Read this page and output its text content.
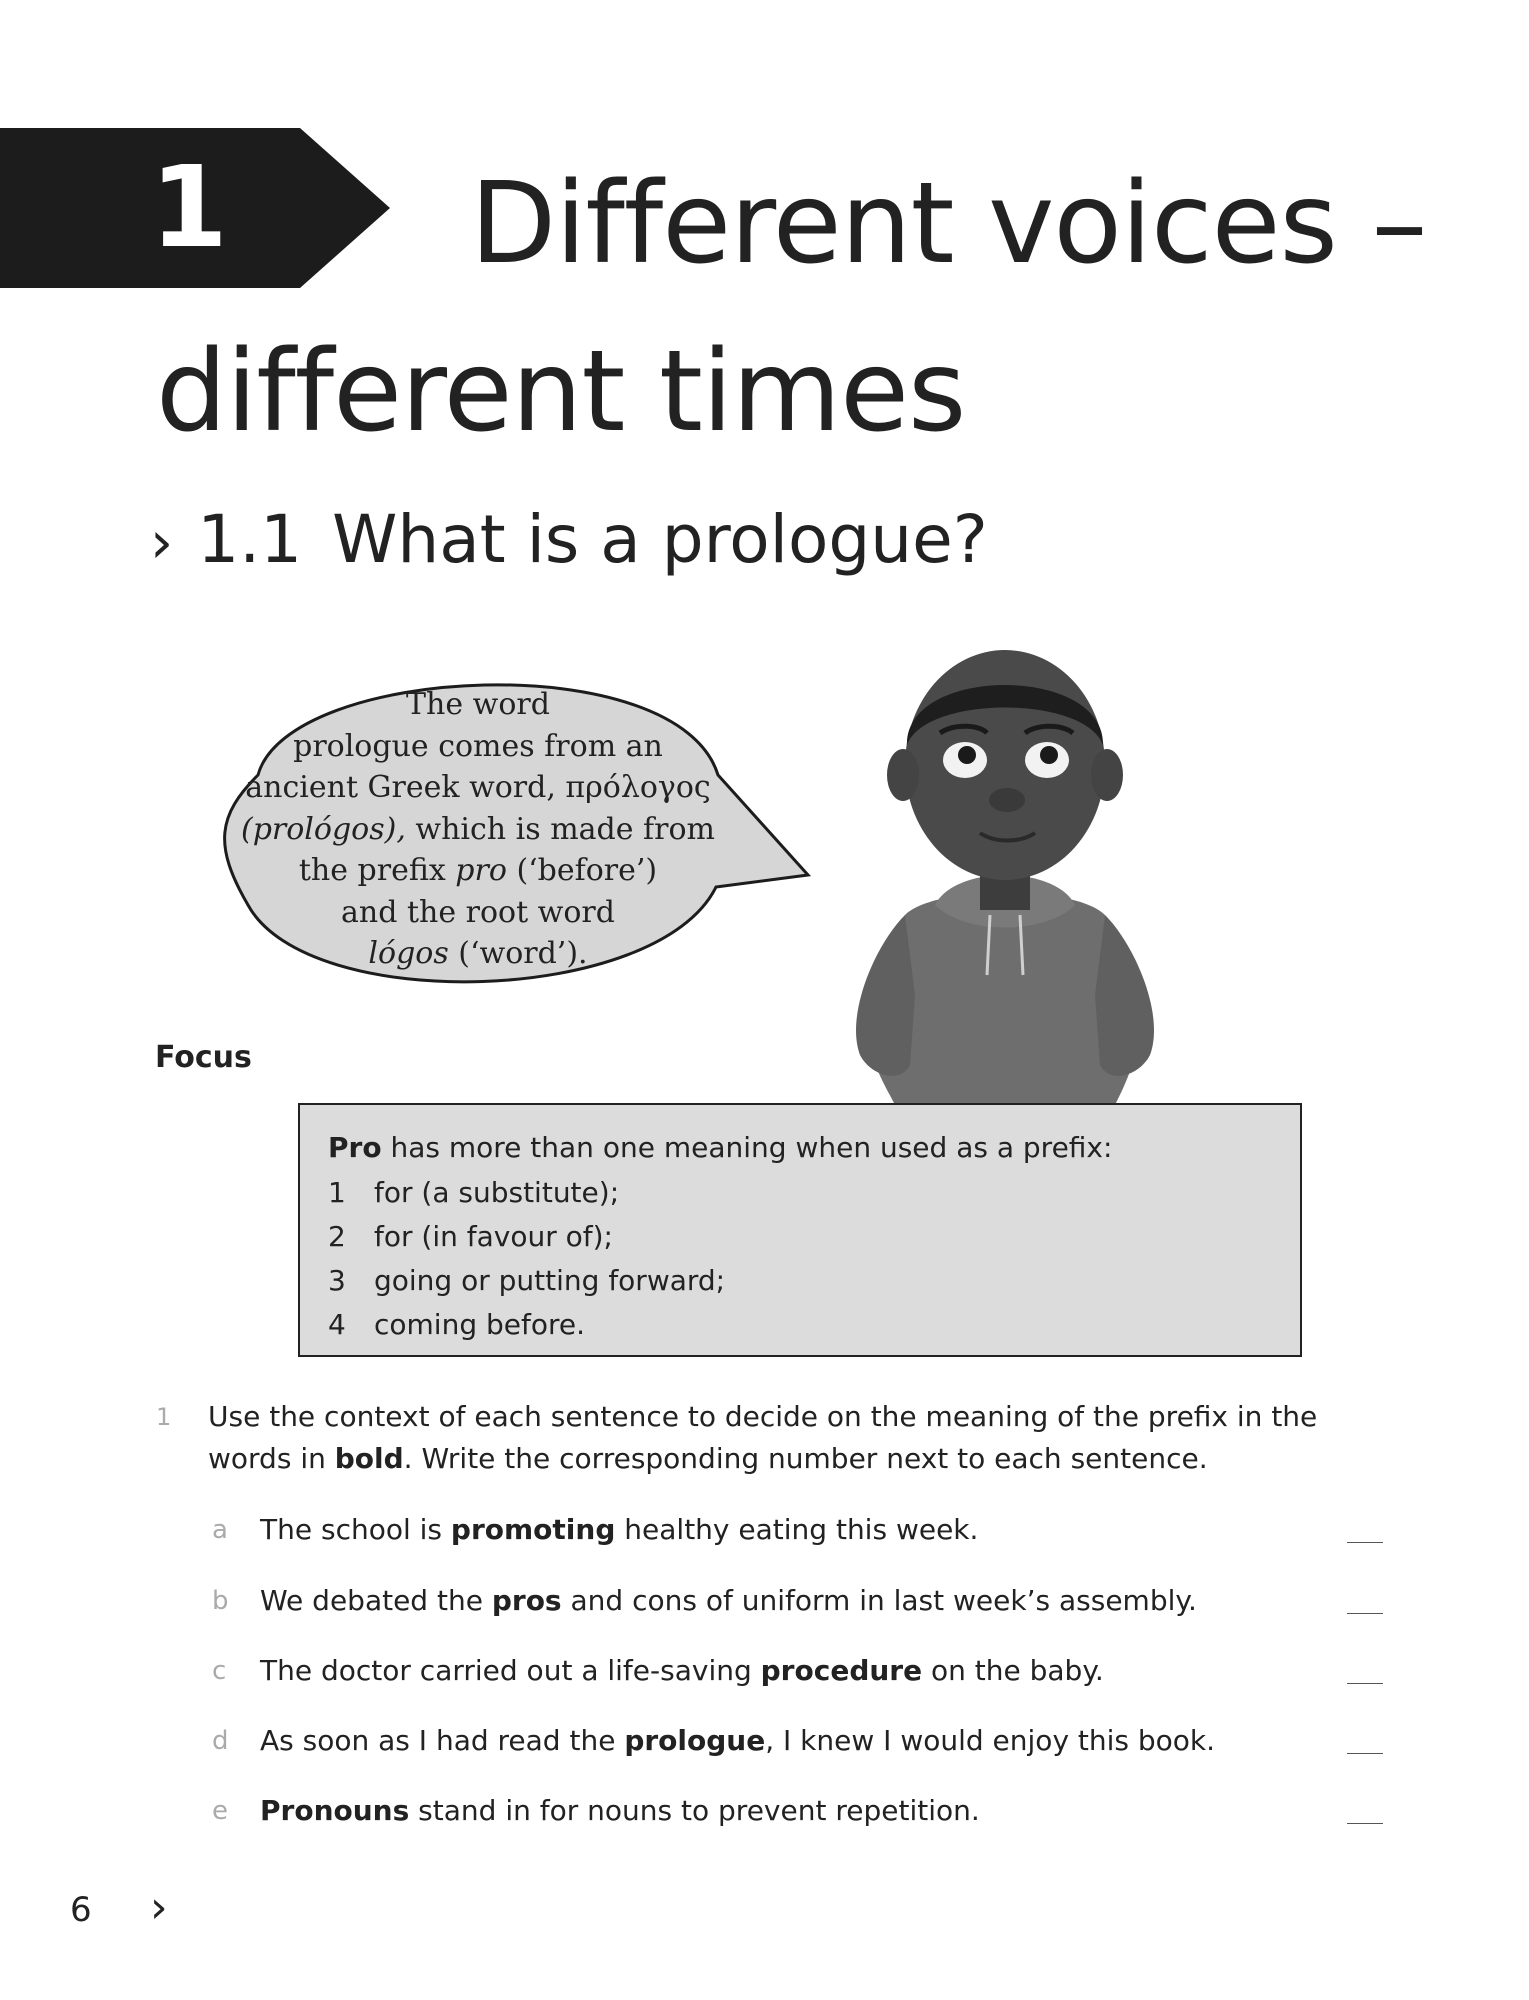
1	Different voices – different times
› 1.1 What is a prologue?
The word
prologue comes from an
ancient Greek word, πρόλογος
(prológos), which is made from
the prefix pro (‘before’)
and the root word
lógos (‘word’).
Focus
Pro has more than one meaning when used as a prefix:
1	for (a substitute);
2	for (in favour of);
3	going or putting forward;
4	coming before.
1	Use the context of each sentence to decide on the meaning of the prefix in the words in bold. Write the corresponding number next to each sentence.
a	The school is promoting healthy eating this week.
b	We debated the pros and cons of uniform in last week’s assembly.
c	The doctor carried out a life-saving procedure on the baby.
d	As soon as I had read the prologue, I knew I would enjoy this book.
e	Pronouns stand in for nouns to prevent repetition.
6 ›
